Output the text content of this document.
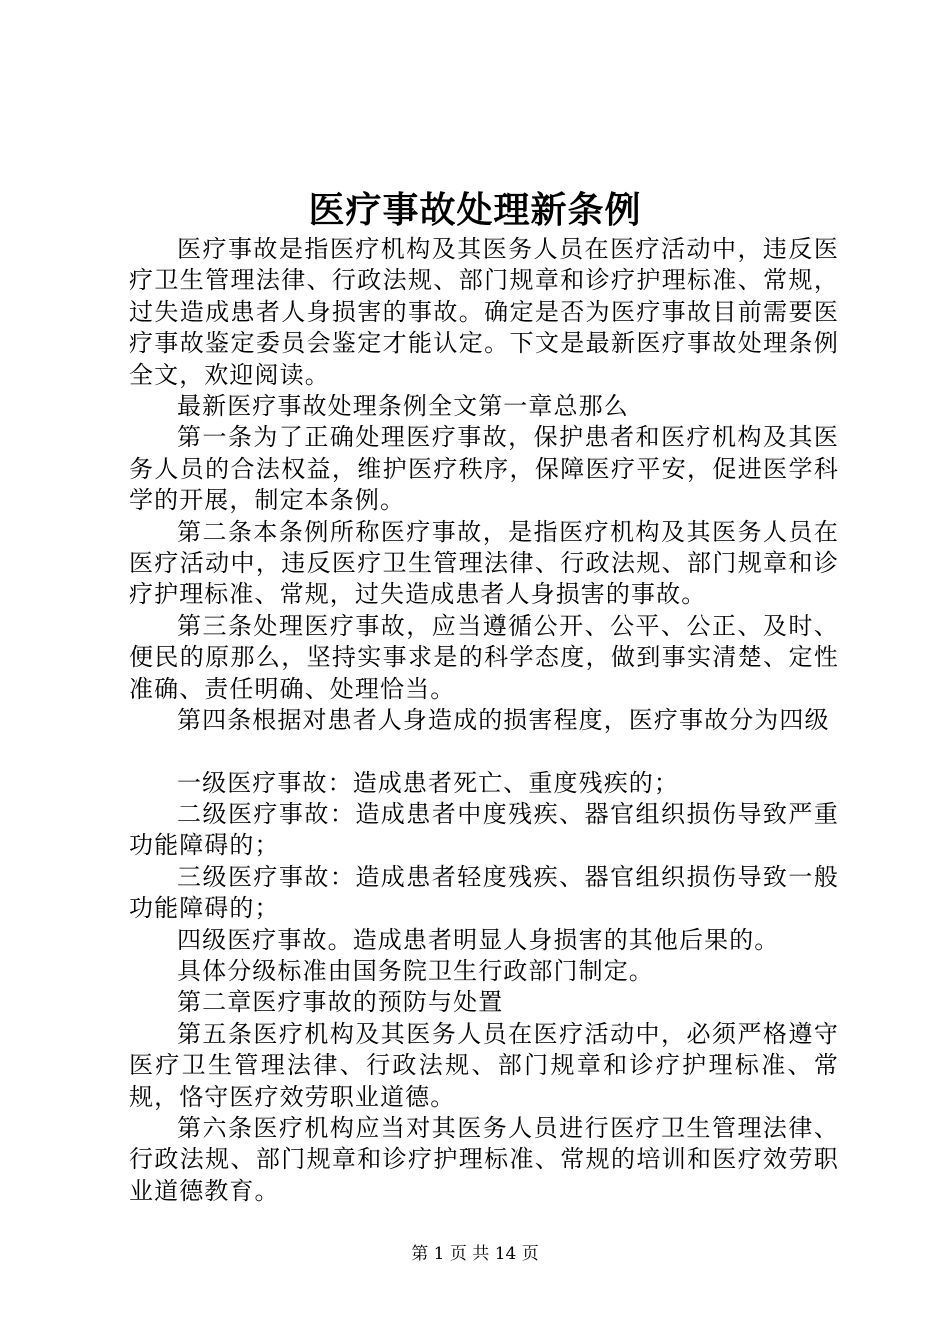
医疗事故处理新条例

医疗事故是指医疗机构及其医务人员在医疗活动中，违反医疗卫生管理法律、行政法规、部门规章和诊疗护理标准、常规，过失造成患者人身损害的事故。确定是否为医疗事故目前需要医疗事故鉴定委员会鉴定才能认定。下文是最新医疗事故处理条例全文，欢迎阅读。

最新医疗事故处理条例全文第一章总那么

第一条为了正确处理医疗事故，保护患者和医疗机构及其医务人员的合法权益，维护医疗秩序，保障医疗平安，促进医学科学的开展，制定本条例。

第二条本条例所称医疗事故，是指医疗机构及其医务人员在医疗活动中，违反医疗卫生管理法律、行政法规、部门规章和诊疗护理标准、常规，过失造成患者人身损害的事故。

第三条处理医疗事故，应当遵循公开、公平、公正、及时、便民的原那么，坚持实事求是的科学态度，做到事实清楚、定性准确、责任明确、处理恰当。

第四条根据对患者人身造成的损害程度，医疗事故分为四级

一级医疗事故：造成患者死亡、重度残疾的；

二级医疗事故：造成患者中度残疾、器官组织损伤导致严重功能障碍的；

三级医疗事故：造成患者轻度残疾、器官组织损伤导致一般功能障碍的；

四级医疗事故。造成患者明显人身损害的其他后果的。

具体分级标准由国务院卫生行政部门制定。

第二章医疗事故的预防与处置

第五条医疗机构及其医务人员在医疗活动中，必须严格遵守医疗卫生管理法律、行政法规、部门规章和诊疗护理标准、常规，恪守医疗效劳职业道德。

第六条医疗机构应当对其医务人员进行医疗卫生管理法律、行政法规、部门规章和诊疗护理标准、常规的培训和医疗效劳职业道德教育。

第 1 页 共 14 页
